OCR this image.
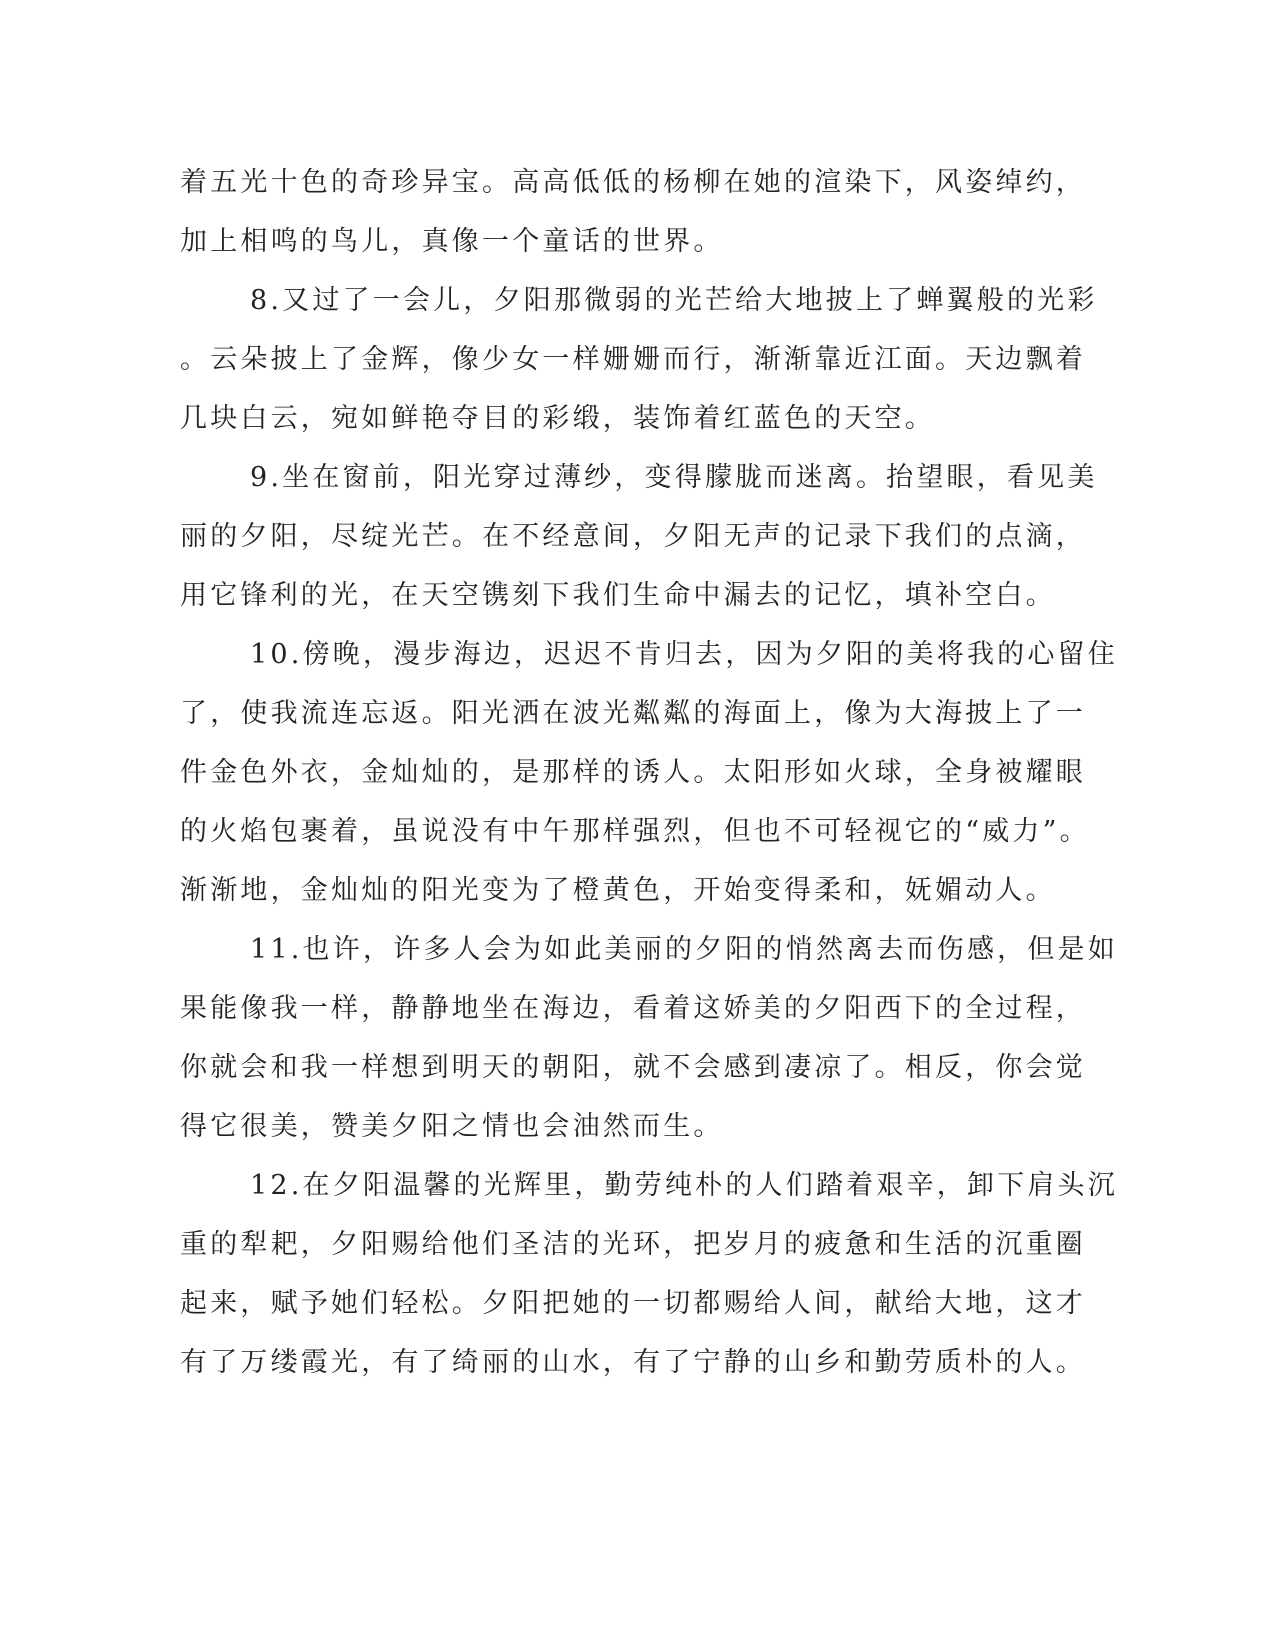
着五光十色的奇珍异宝。高高低低的杨柳在她的渲染下，风姿绰约，
加上相鸣的鸟儿，真像一个童话的世界。
8.又过了一会儿，夕阳那微弱的光芒给大地披上了蝉翼般的光彩
。云朵披上了金辉，像少女一样姗姗而行，渐渐靠近江面。天边飘着
几块白云，宛如鲜艳夺目的彩缎，装饰着红蓝色的天空。
9.坐在窗前，阳光穿过薄纱，变得朦胧而迷离。抬望眼，看见美
丽的夕阳，尽绽光芒。在不经意间，夕阳无声的记录下我们的点滴，
用它锋利的光，在天空镌刻下我们生命中漏去的记忆，填补空白。
10.傍晚，漫步海边，迟迟不肯归去，因为夕阳的美将我的心留住
了，使我流连忘返。阳光洒在波光粼粼的海面上，像为大海披上了一
件金色外衣，金灿灿的，是那样的诱人。太阳形如火球，全身被耀眼
的火焰包裹着，虽说没有中午那样强烈，但也不可轻视它的“威力”。
渐渐地，金灿灿的阳光变为了橙黄色，开始变得柔和，妩媚动人。
11.也许，许多人会为如此美丽的夕阳的悄然离去而伤感，但是如
果能像我一样，静静地坐在海边，看着这娇美的夕阳西下的全过程，
你就会和我一样想到明天的朝阳，就不会感到凄凉了。相反，你会觉
得它很美，赞美夕阳之情也会油然而生。
12.在夕阳温馨的光辉里，勤劳纯朴的人们踏着艰辛，卸下肩头沉
重的犁耙，夕阳赐给他们圣洁的光环，把岁月的疲惫和生活的沉重圈
起来，赋予她们轻松。夕阳把她的一切都赐给人间，献给大地，这才
有了万缕霞光，有了绮丽的山水，有了宁静的山乡和勤劳质朴的人。
